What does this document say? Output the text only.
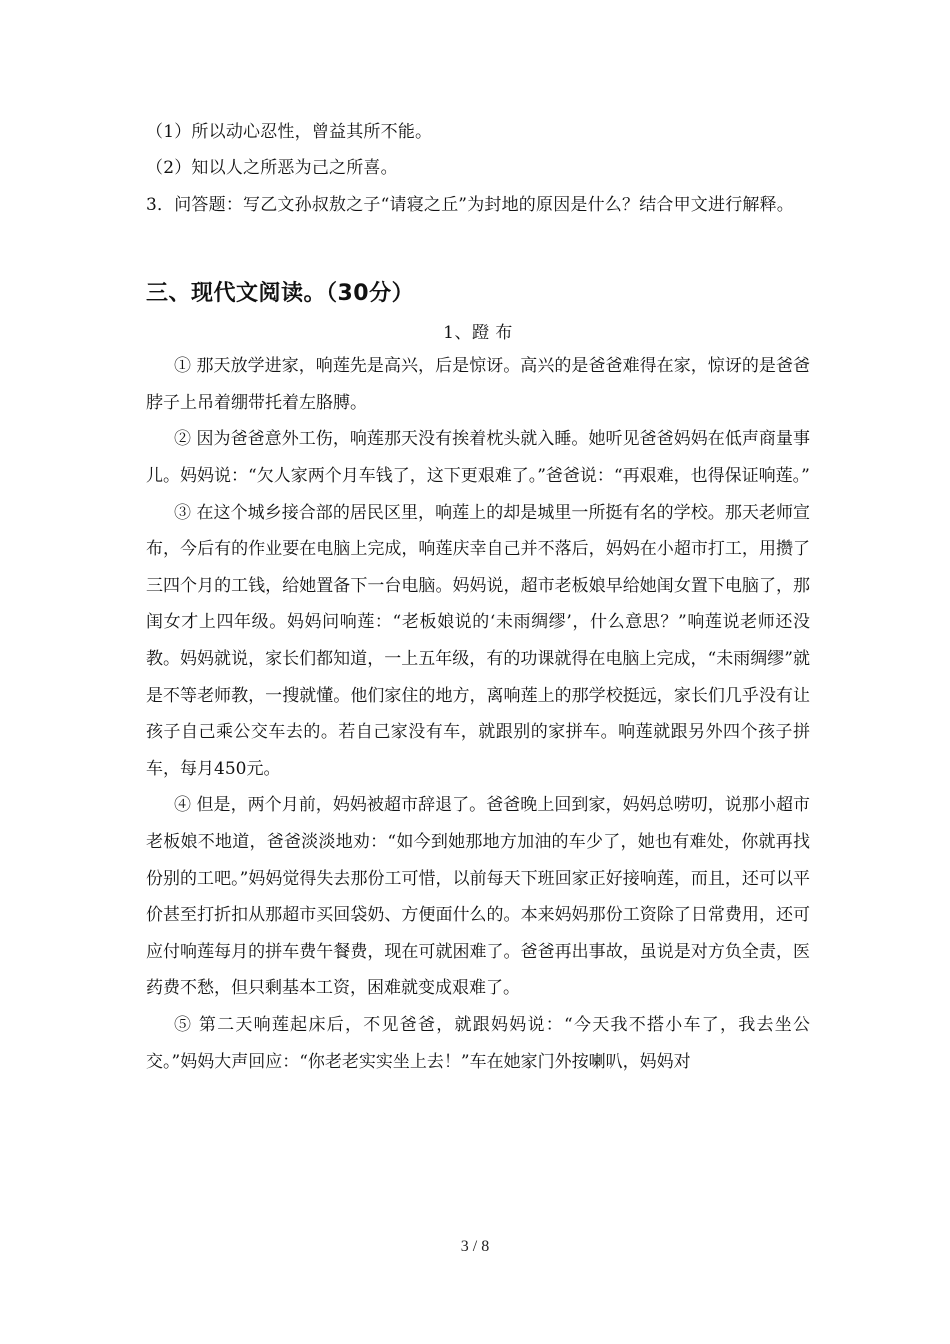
（1）所以动心忍性，曾益其所不能。

（2）知以人之所恶为己之所喜。

3．问答题：写乙文孙叔敖之子“请寝之丘”为封地的原因是什么？结合甲文进行解释。

三、现代文阅读。（30分）

1、蹬 布

① 那天放学进家，响莲先是高兴，后是惊讶。高兴的是爸爸难得在家，惊讶的是爸爸脖子上吊着绷带托着左胳膊。

② 因为爸爸意外工伤，响莲那天没有挨着枕头就入睡。她听见爸爸妈妈在低声商量事儿。妈妈说：“欠人家两个月车钱了，这下更艰难了。”爸爸说：“再艰难，也得保证响莲。”

③ 在这个城乡接合部的居民区里，响莲上的却是城里一所挺有名的学校。那天老师宣布，今后有的作业要在电脑上完成，响莲庆幸自己并不落后，妈妈在小超市打工，用攒了三四个月的工钱，给她置备下一台电脑。妈妈说，超市老板娘早给她闺女置下电脑了，那闺女才上四年级。妈妈问响莲：“老板娘说的‘未雨绸缪’，什么意思？”响莲说老师还没教。妈妈就说，家长们都知道，一上五年级，有的功课就得在电脑上完成，“未雨绸缪”就是不等老师教，一搜就懂。他们家住的地方，离响莲上的那学校挺远，家长们几乎没有让孩子自己乘公交车去的。若自己家没有车，就跟别的家拼车。响莲就跟另外四个孩子拼车，每月450元。

④ 但是，两个月前，妈妈被超市辞退了。爸爸晚上回到家，妈妈总唠叨，说那小超市老板娘不地道，爸爸淡淡地劝：“如今到她那地方加油的车少了，她也有难处，你就再找份别的工吧。”妈妈觉得失去那份工可惜，以前每天下班回家正好接响莲，而且，还可以平价甚至打折扣从那超市买回袋奶、方便面什么的。本来妈妈那份工资除了日常费用，还可应付响莲每月的拼车费午餐费，现在可就困难了。爸爸再出事故，虽说是对方负全责，医药费不愁，但只剩基本工资，困难就变成艰难了。

⑤ 第二天响莲起床后，不见爸爸，就跟妈妈说：“今天我不搭小车了，我去坐公交。”妈妈大声回应：“你老老实实坐上去！”车在她家门外按喇叭，妈妈对

3 / 8
